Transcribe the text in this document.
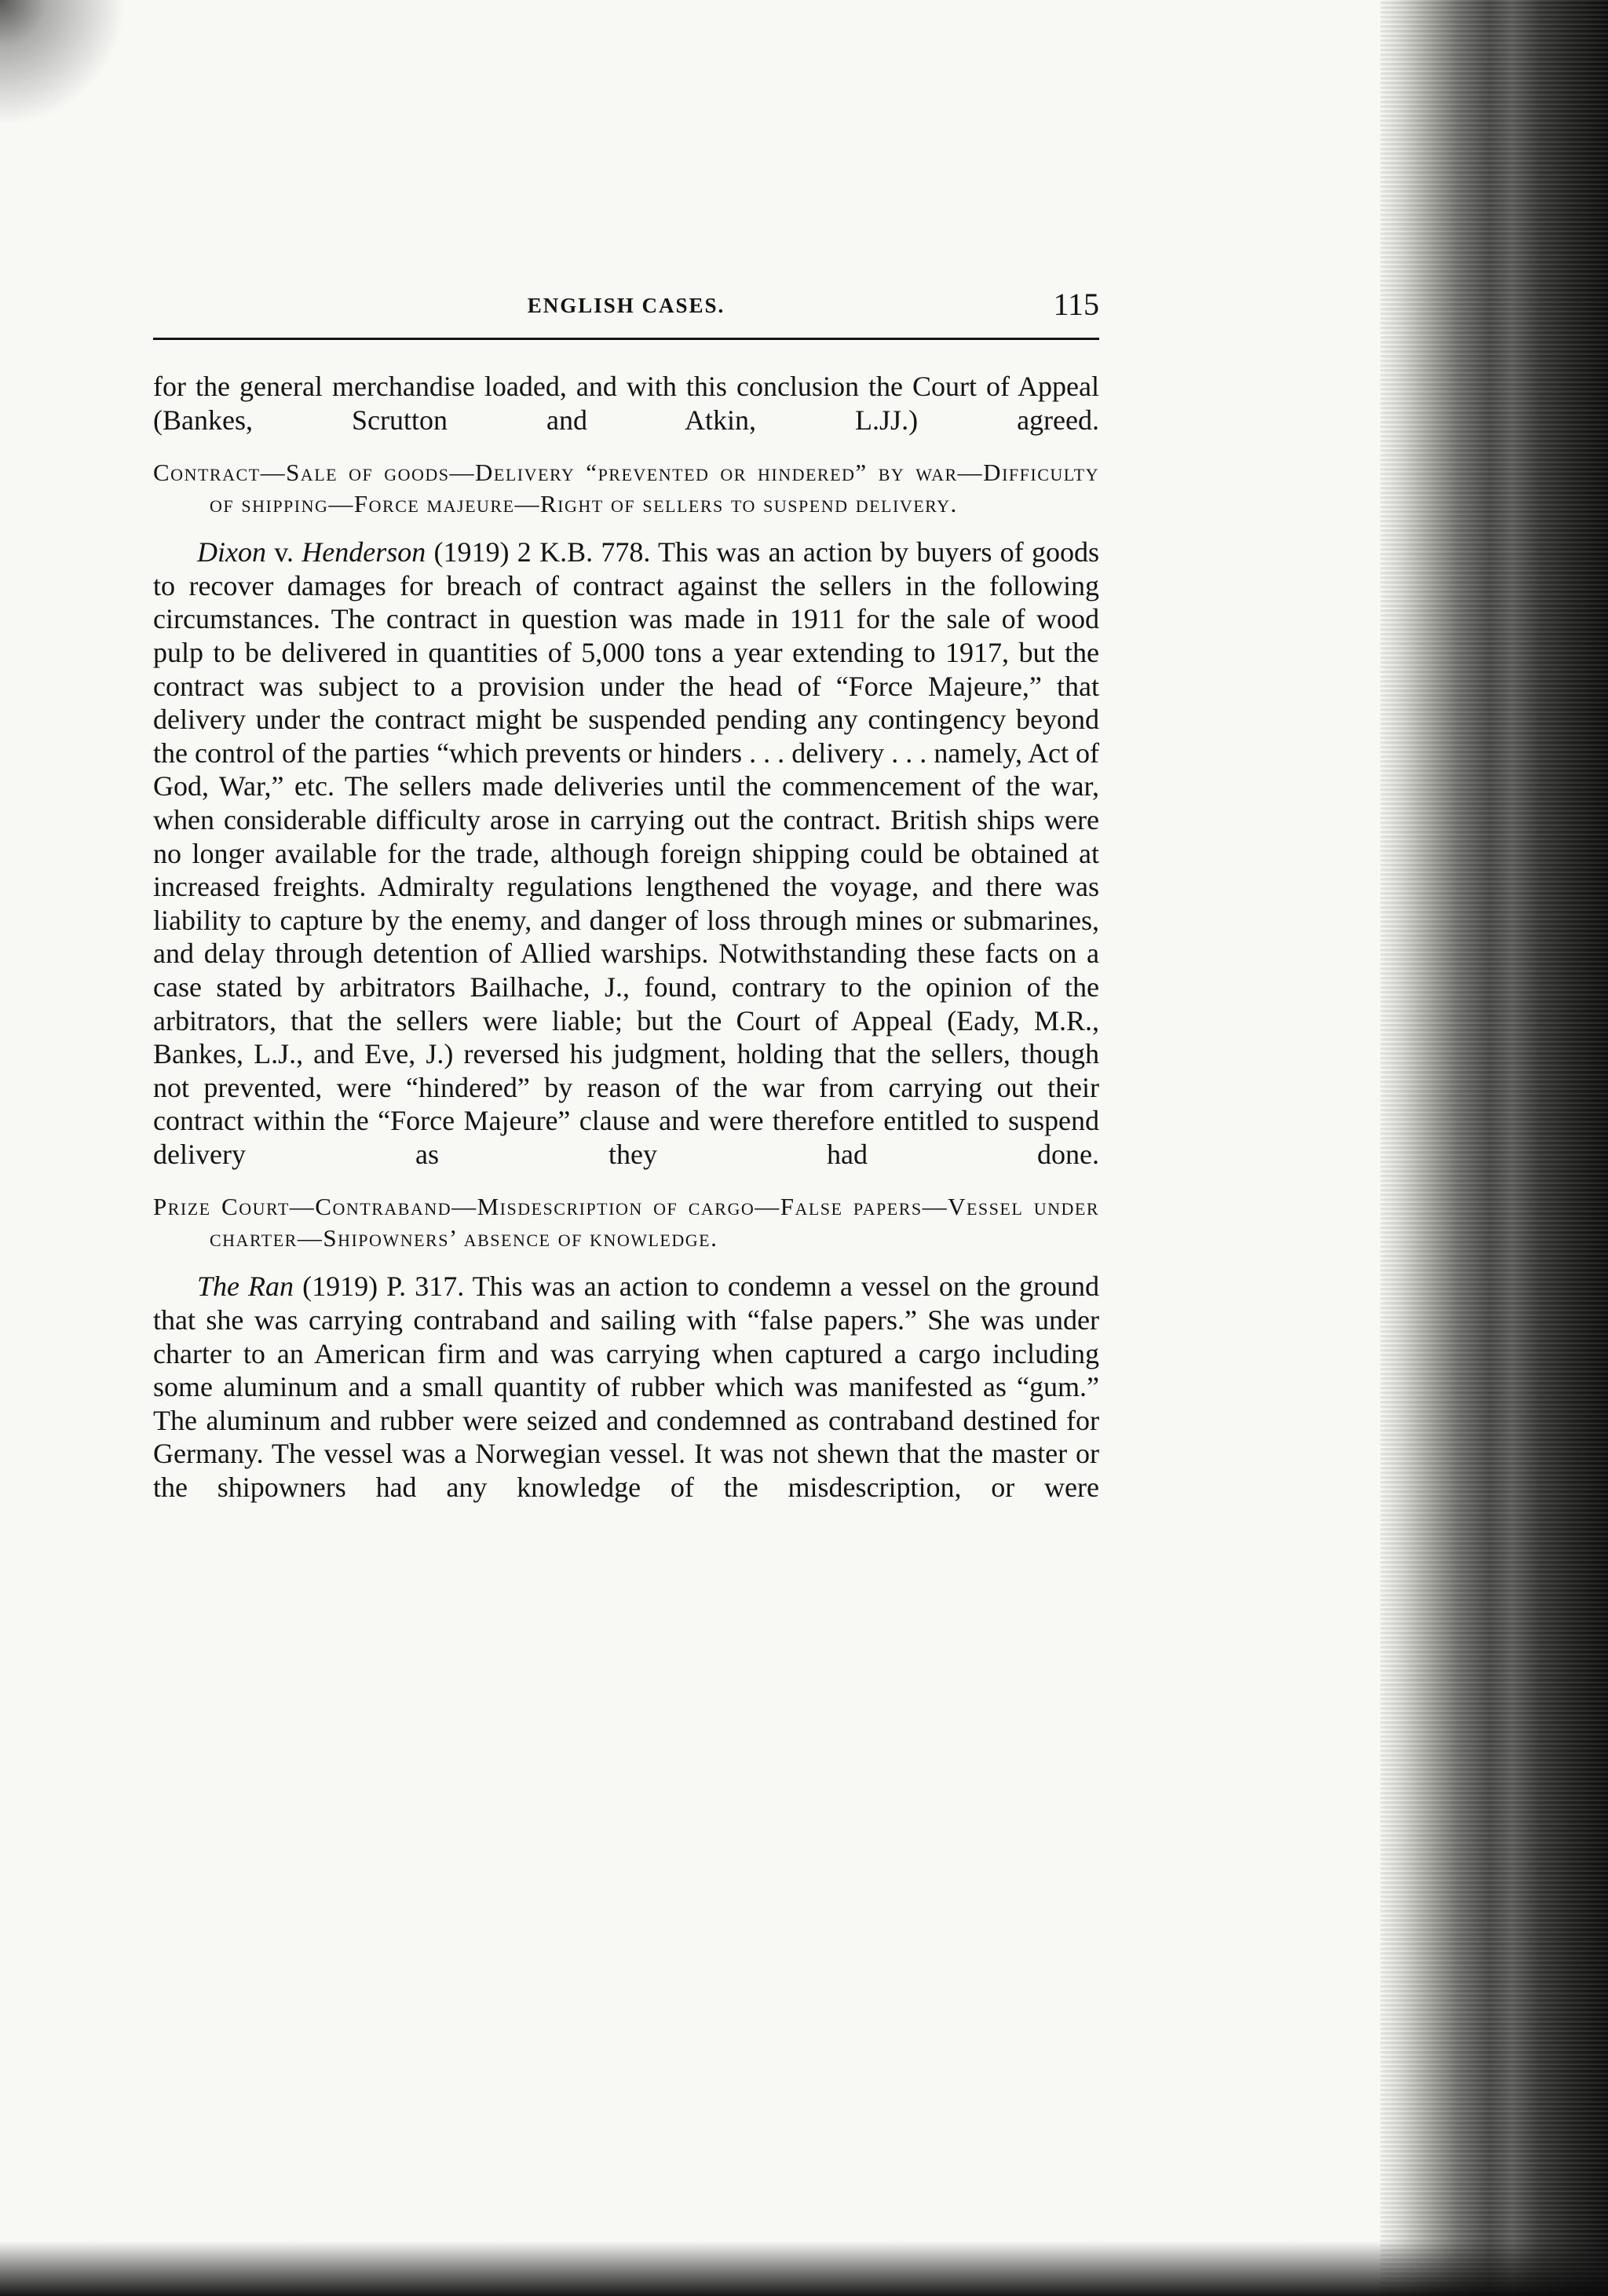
ENGLISH CASES.	115
for the general merchandise loaded, and with this conclusion the Court of Appeal (Bankes, Scrutton and Atkin, L.JJ.) agreed.
Contract—Sale of goods—Delivery “prevented or hindered” by war—Difficulty of shipping—Force majeure—Right of sellers to suspend delivery.
Dixon v. Henderson (1919) 2 K.B. 778. This was an action by buyers of goods to recover damages for breach of contract against the sellers in the following circumstances. The contract in question was made in 1911 for the sale of wood pulp to be delivered in quantities of 5,000 tons a year extending to 1917, but the contract was subject to a provision under the head of “Force Majeure,” that delivery under the contract might be suspended pending any contingency beyond the control of the parties “which prevents or hinders . . . delivery . . . namely, Act of God, War,” etc. The sellers made deliveries until the commencement of the war, when considerable difficulty arose in carrying out the contract. British ships were no longer available for the trade, although foreign shipping could be obtained at increased freights. Admiralty regulations lengthened the voyage, and there was liability to capture by the enemy, and danger of loss through mines or submarines, and delay through detention of Allied warships. Notwithstanding these facts on a case stated by arbitrators Bailhache, J., found, contrary to the opinion of the arbitrators, that the sellers were liable; but the Court of Appeal (Eady, M.R., Bankes, L.J., and Eve, J.) reversed his judgment, holding that the sellers, though not prevented, were “hindered” by reason of the war from carrying out their contract within the “Force Majeure” clause and were therefore entitled to suspend delivery as they had done.
Prize Court—Contraband—Misdescription of cargo—False papers—Vessel under charter—Shipowners’ absence of knowledge.
The Ran (1919) P. 317. This was an action to condemn a vessel on the ground that she was carrying contraband and sailing with “false papers.” She was under charter to an American firm and was carrying when captured a cargo including some aluminum and a small quantity of rubber which was manifested as “gum.” The aluminum and rubber were seized and condemned as contraband destined for Germany. The vessel was a Norwegian vessel. It was not shewn that the master or the shipowners had any knowledge of the misdescription, or were
